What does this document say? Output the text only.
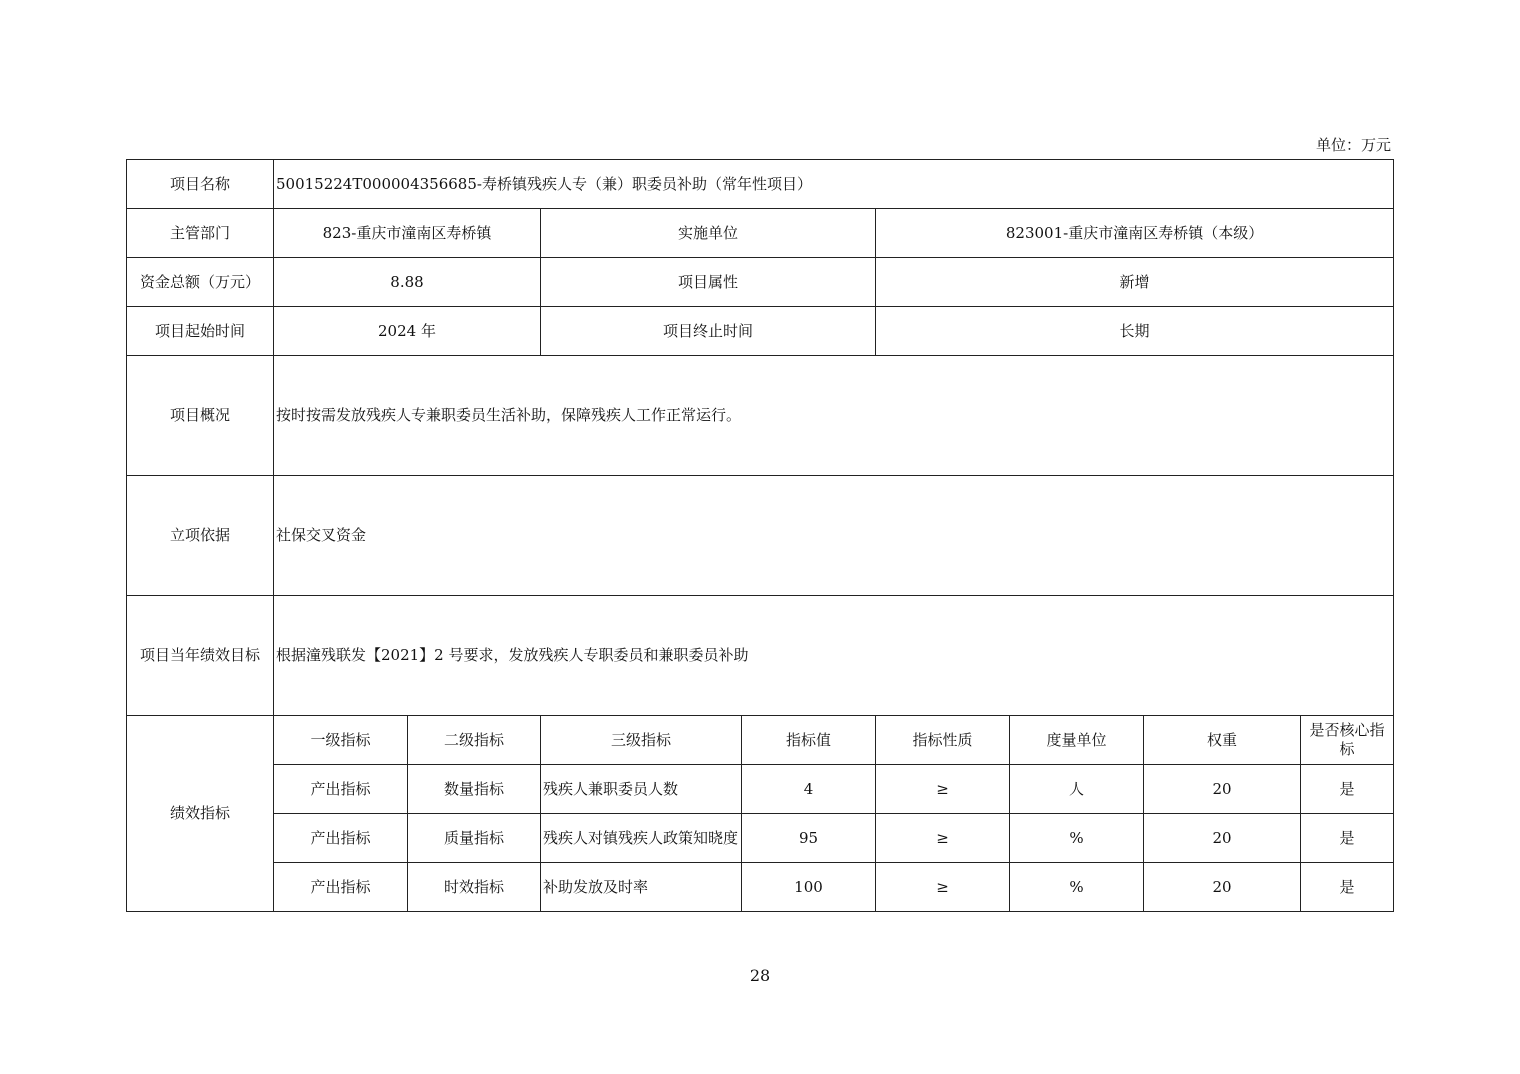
单位：万元
项目名称	50015224T000004356685-寿桥镇残疾人专（兼）职委员补助（常年性项目）							
主管部门	823-重庆市潼南区寿桥镇		实施单位		823001-重庆市潼南区寿桥镇（本级）			
资金总额（万元）	8.88		项目属性		新增			
项目起始时间	2024 年		项目终止时间		长期			
项目概况	按时按需发放残疾人专兼职委员生活补助，保障残疾人工作正常运行。							
立项依据	社保交叉资金							
项目当年绩效目标	根据潼残联发【2021】2 号要求，发放残疾人专职委员和兼职委员补助							
绩效指标	一级指标	二级指标	三级指标	指标值	指标性质	度量单位	权重	是否核心指标
	产出指标	数量指标	残疾人兼职委员人数	4	≥	人	20	是
	产出指标	质量指标	残疾人对镇残疾人政策知晓度	95	≥	%	20	是
	产出指标	时效指标	补助发放及时率	100	≥	%	20	是
28
